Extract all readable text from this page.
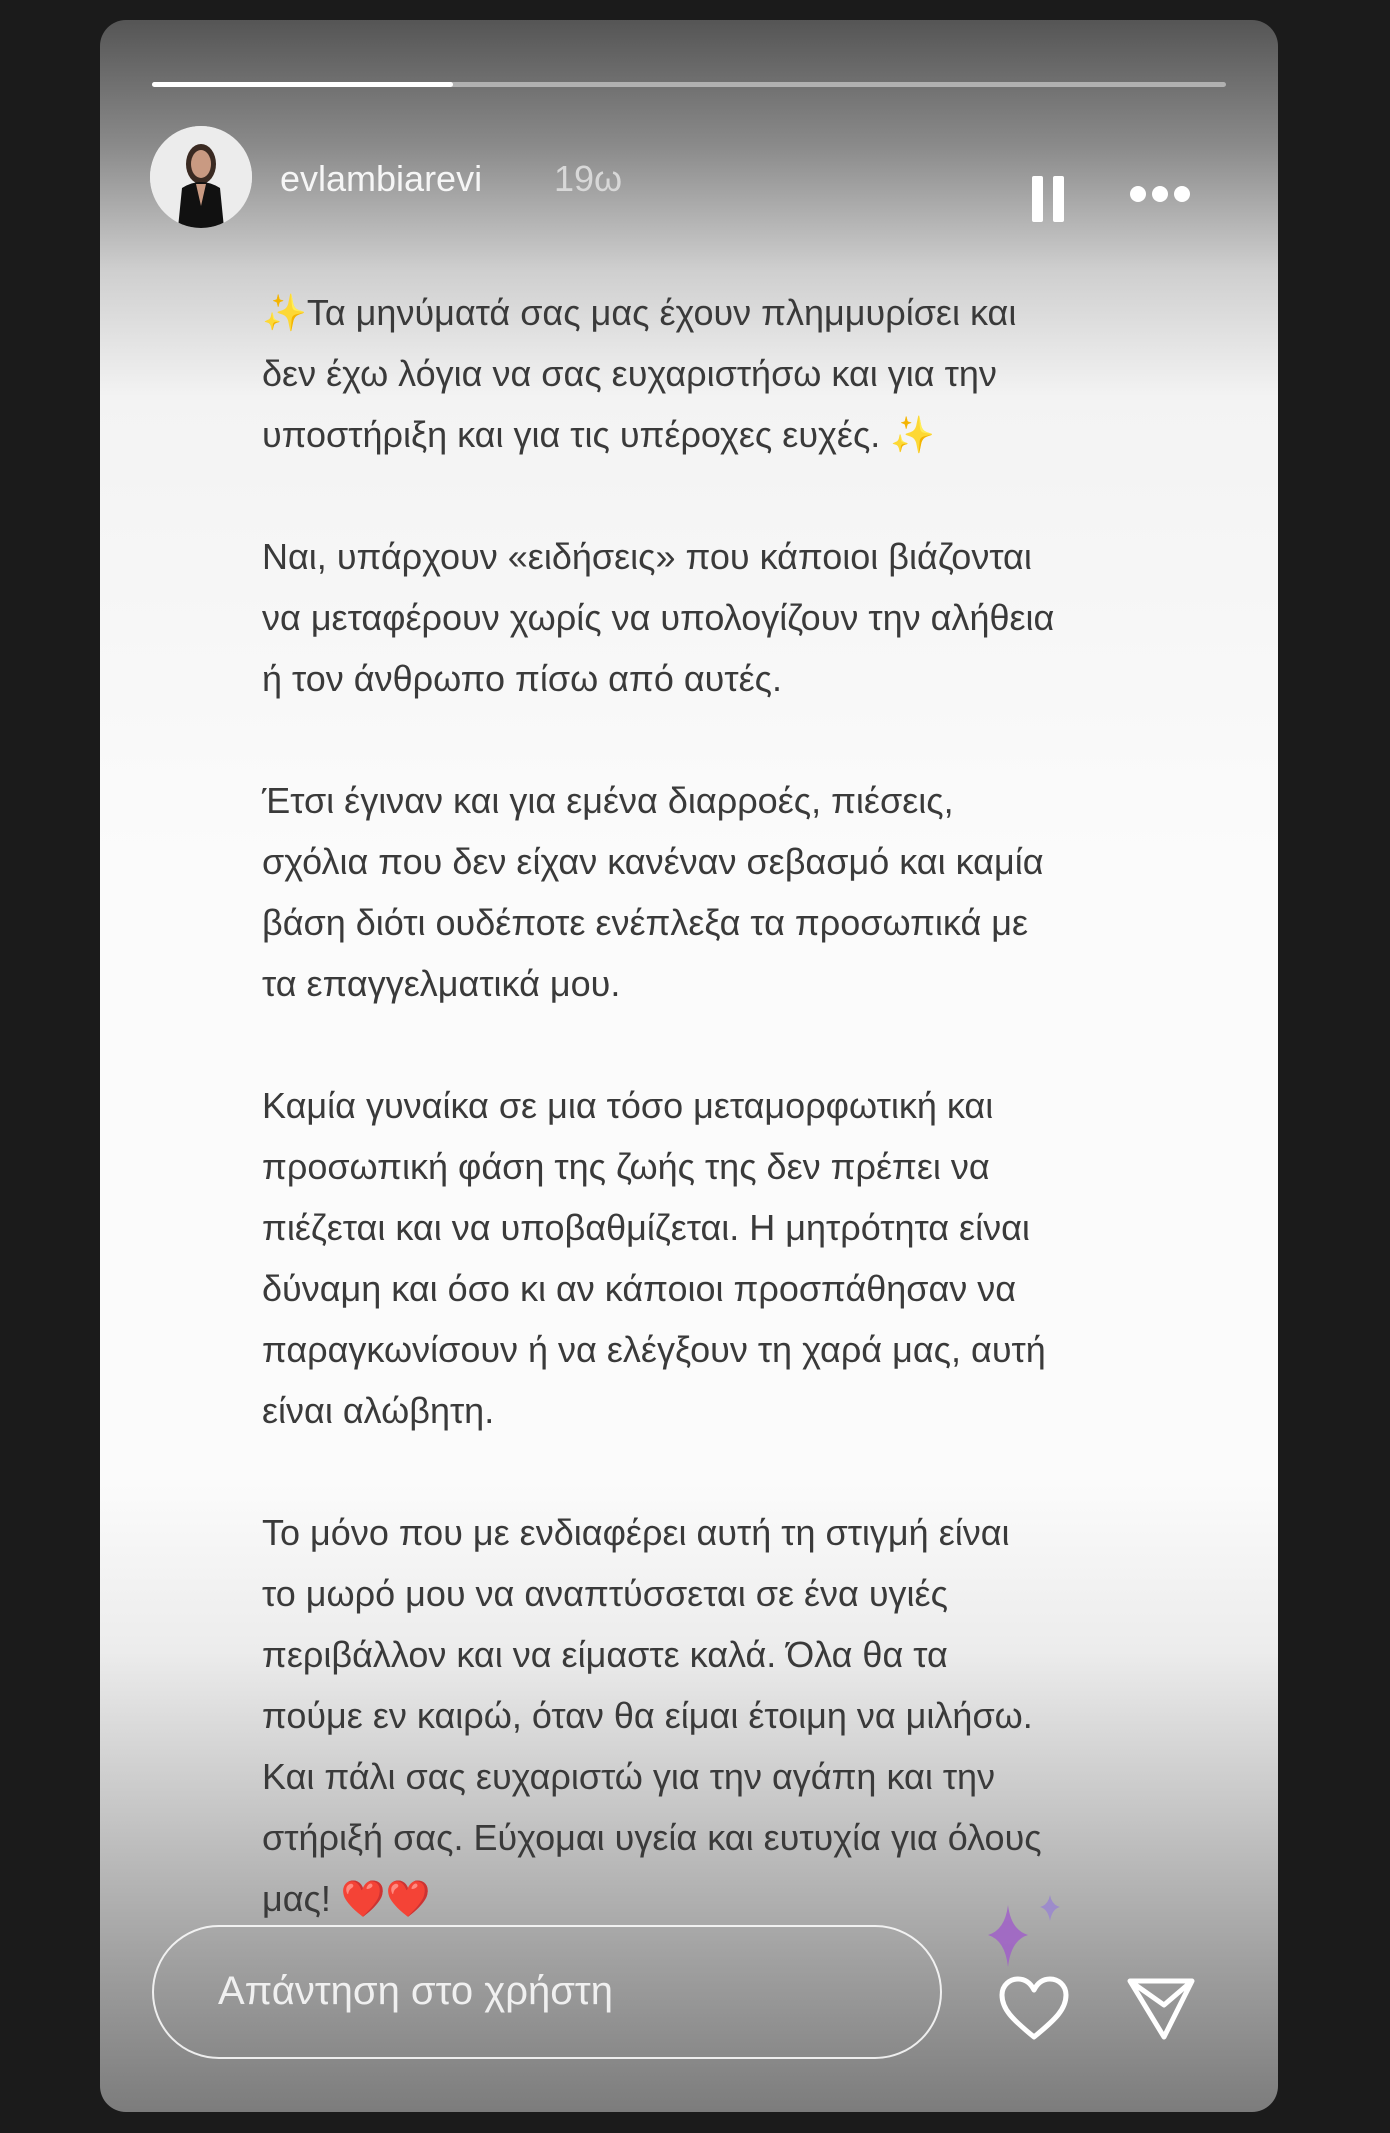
evlambiarevi 19ω
✨Τα μηνύματά σας μας έχουν πλημμυρίσει και
δεν έχω λόγια να σας ευχαριστήσω και για την
υποστήριξη και για τις υπέροχες ευχές. ✨
Ναι, υπάρχουν «ειδήσεις» που κάποιοι βιάζονται
να μεταφέρουν χωρίς να υπολογίζουν την αλήθεια
ή τον άνθρωπο πίσω από αυτές.
Έτσι έγιναν και για εμένα διαρροές, πιέσεις,
σχόλια που δεν είχαν κανέναν σεβασμό και καμία
βάση διότι ουδέποτε ενέπλεξα τα προσωπικά με
τα επαγγελματικά μου.
Καμία γυναίκα σε μια τόσο μεταμορφωτική και
προσωπική φάση της ζωής της δεν πρέπει να
πιέζεται και να υποβαθμίζεται. Η μητρότητα είναι
δύναμη και όσο κι αν κάποιοι προσπάθησαν να
παραγκωνίσουν ή να ελέγξουν τη χαρά μας, αυτή
είναι αλώβητη.
Το μόνο που με ενδιαφέρει αυτή τη στιγμή είναι
το μωρό μου να αναπτύσσεται σε ένα υγιές
περιβάλλον και να είμαστε καλά. Όλα θα τα
πούμε εν καιρώ, όταν θα είμαι έτοιμη να μιλήσω.
Και πάλι σας ευχαριστώ για την αγάπη και την
στήριξή σας. Εύχομαι υγεία και ευτυχία για όλους
μας! ❤️❤️
Απάντηση στο χρήστη
